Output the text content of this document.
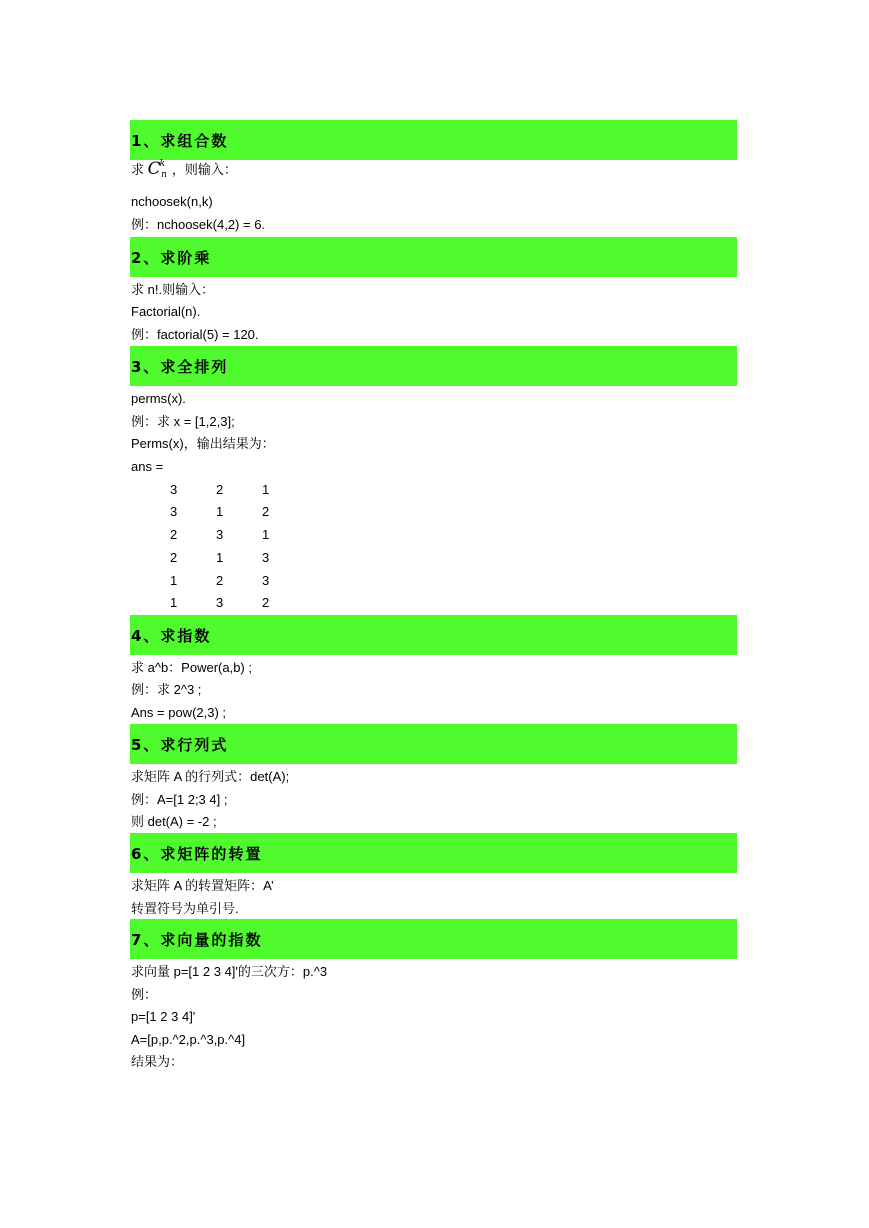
1、求组合数
求 Ckn ，则输入：
nchoosek(n,k)
例：nchoosek(4,2) = 6.
2、求阶乘
求 n!.则输入：
Factorial(n).
例：factorial(5) = 120.
3、求全排列
perms(x).
例：求 x = [1,2,3];
Perms(x)，输出结果为：
ans =
3	2	1
3	1	2
2	3	1
2	1	3
1	2	3
1	3	2
4、求指数
求 a^b：Power(a,b) ;
例：求 2^3 ;
Ans = pow(2,3) ;
5、求行列式
求矩阵 A 的行列式：det(A);
例：A=[1 2;3 4] ;
则 det(A) = -2 ;
6、求矩阵的转置
求矩阵 A 的转置矩阵：A’
转置符号为单引号.
7、求向量的指数
求向量 p=[1 2 3 4]'的三次方：p.^3
例：
p=[1 2 3 4]'
A=[p,p.^2,p.^3,p.^4]
结果为：
